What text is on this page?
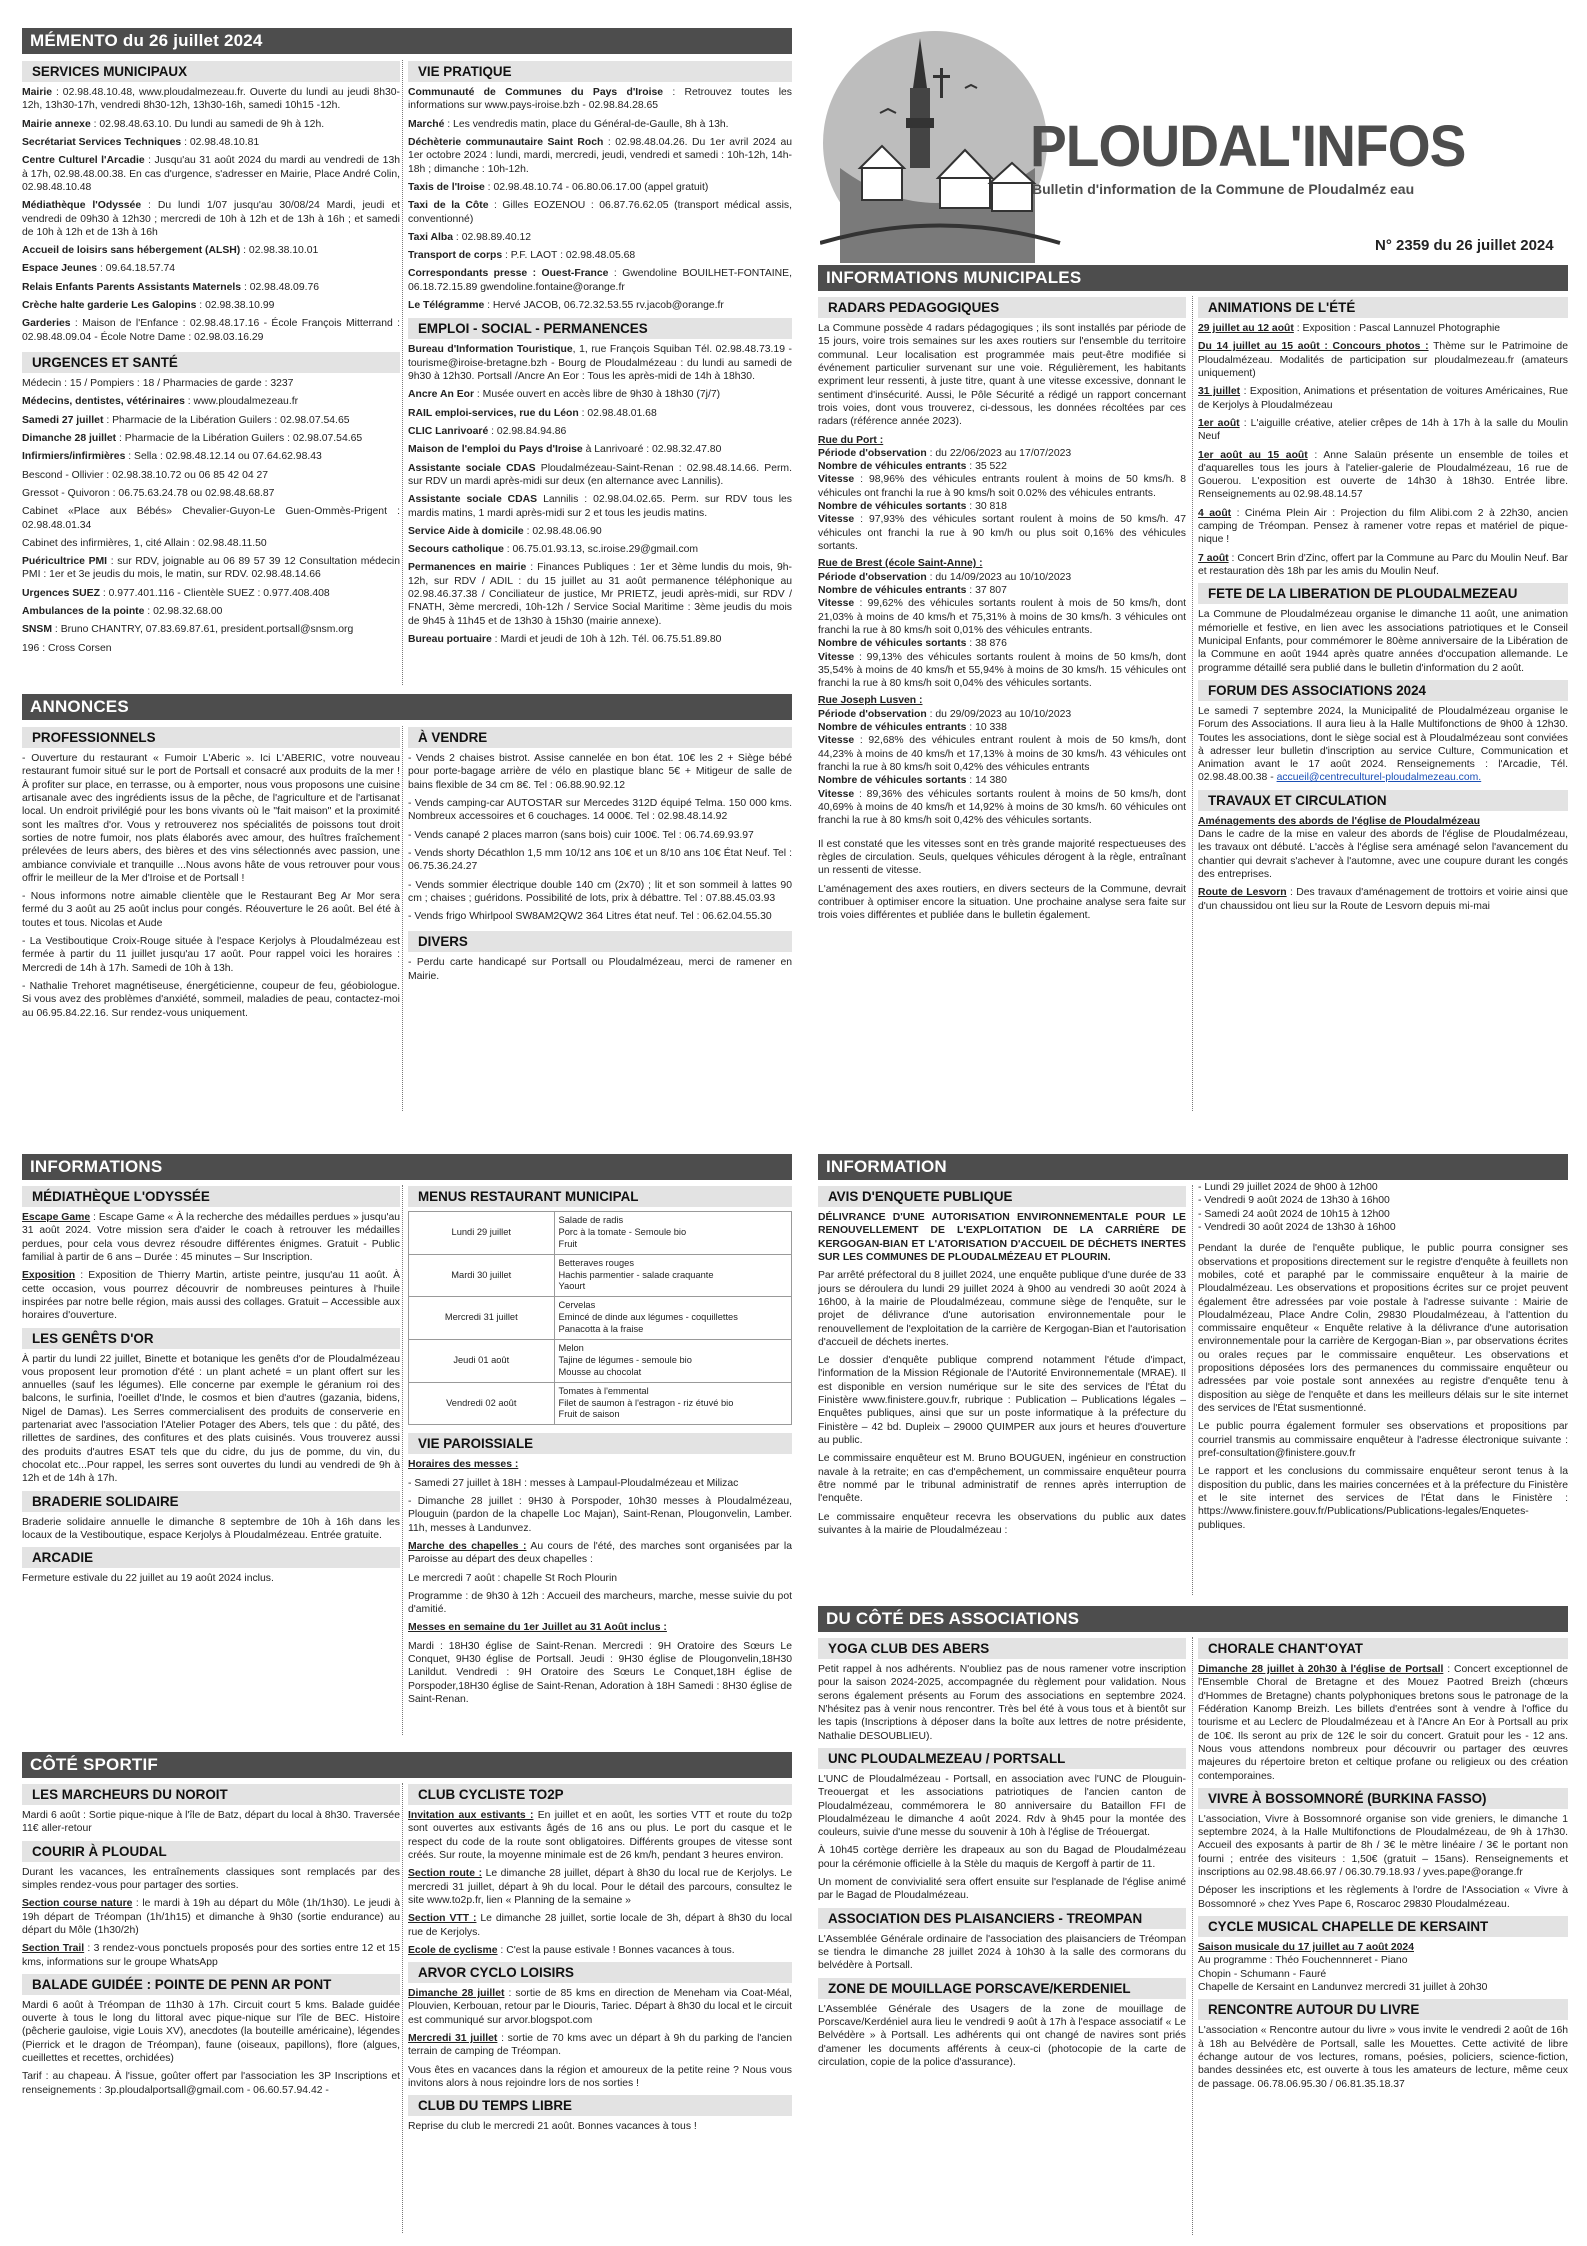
MÉMENTO du 26 juillet 2024
SERVICES MUNICIPAUX
Mairie : 02.98.48.10.48, www.ploudalmezeau.fr. Ouverte du lundi au jeudi 8h30-12h, 13h30-17h, vendredi 8h30-12h, 13h30-16h, samedi 10h15 -12h.
Mairie annexe : 02.98.48.63.10. Du lundi au samedi de 9h à 12h.
Secrétariat Services Techniques : 02.98.48.10.81
Centre Culturel l'Arcadie : Jusqu'au 31 août 2024 du mardi au vendredi de 13h à 17h, 02.98.48.00.38. En cas d'urgence, s'adresser en Mairie, Place André Colin, 02.98.48.10.48
Médiathèque l'Odyssée : Du lundi 1/07 jusqu'au 30/08/24 Mardi, jeudi et vendredi de 09h30 à 12h30 ; mercredi de 10h à 12h et de 13h à 16h ; et samedi de 10h à 12h et de 13h à 16h
Accueil de loisirs sans hébergement (ALSH) : 02.98.38.10.01
Espace Jeunes : 09.64.18.57.74
Relais Enfants Parents Assistants Maternels : 02.98.48.09.76
Crèche halte garderie Les Galopins : 02.98.38.10.99
Garderies : Maison de l'Enfance : 02.98.48.17.16 - École François Mitterrand : 02.98.48.09.04 - École Notre Dame : 02.98.03.16.29
URGENCES ET SANTÉ
Médecin : 15 / Pompiers : 18 / Pharmacies de garde : 3237
Médecins, dentistes, vétérinaires : www.ploudalmezeau.fr
Samedi 27 juillet : Pharmacie de la Libération Guilers : 02.98.07.54.65
Dimanche 28 juillet : Pharmacie de la Libération Guilers : 02.98.07.54.65
Infirmiers/infirmières : Sella : 02.98.48.12.14 ou 07.64.62.98.43
Bescond - Ollivier : 02.98.38.10.72 ou 06 85 42 04 27
Gressot - Quivoron : 06.75.63.24.78 ou 02.98.48.68.87
Cabinet «Place aux Bébés» Chevalier-Guyon-Le Guen-Ommès-Prigent : 02.98.48.01.34
Cabinet des infirmières, 1, cité Allain : 02.98.48.11.50
Puéricultrice PMI : sur RDV, joignable au 06 89 57 39 12 Consultation médecin PMI : 1er et 3e jeudis du mois, le matin, sur RDV. 02.98.48.14.66
Urgences SUEZ : 0.977.401.116 - Clientèle SUEZ : 0.977.408.408
Ambulances de la pointe : 02.98.32.68.00
SNSM : Bruno CHANTRY, 07.83.69.87.61, president.portsall@snsm.org
196 : Cross Corsen
VIE PRATIQUE
Communauté de Communes du Pays d'Iroise : Retrouvez toutes les informations sur www.pays-iroise.bzh - 02.98.84.28.65
Marché : Les vendredis matin, place du Général-de-Gaulle, 8h à 13h.
Déchèterie communautaire Saint Roch : 02.98.48.04.26. Du 1er avril 2024 au 1er octobre 2024 : lundi, mardi, mercredi, jeudi, vendredi et samedi : 10h-12h, 14h-18h ; dimanche : 10h-12h.
Taxis de l'Iroise : 02.98.48.10.74 - 06.80.06.17.00 (appel gratuit)
Taxi de la Côte : Gilles EOZENOU : 06.87.76.62.05 (transport médical assis, conventionné)
Taxi Alba : 02.98.89.40.12
Transport de corps : P.F. LAOT : 02.98.48.05.68
Correspondants presse : Ouest-France : Gwendoline BOUILHET-FONTAINE, 06.18.72.15.89 gwendoline.fontaine@orange.fr
Le Télégramme : Hervé JACOB, 06.72.32.53.55 rv.jacob@orange.fr
EMPLOI - SOCIAL - PERMANENCES
Bureau d'Information Touristique, 1, rue François Squiban Tél. 02.98.48.73.19 - tourisme@iroise-bretagne.bzh - Bourg de Ploudalmézeau : du lundi au samedi de 9h30 à 12h30. Portsall /Ancre An Eor : Tous les après-midi de 14h à 18h30.
Ancre An Eor : Musée ouvert en accès libre de 9h30 à 18h30 (7j/7)
RAIL emploi-services, rue du Léon : 02.98.48.01.68
CLIC Lanrivoaré : 02.98.84.94.86
Maison de l'emploi du Pays d'Iroise à Lanrivoaré : 02.98.32.47.80
Assistante sociale CDAS Ploudalmézeau-Saint-Renan : 02.98.48.14.66. Perm. sur RDV un mardi après-midi sur deux (en alternance avec Lannilis).
Assistante sociale CDAS Lannilis : 02.98.04.02.65. Perm. sur RDV tous les mardis matins, 1 mardi après-midi sur 2 et tous les jeudis matins.
Service Aide à domicile : 02.98.48.06.90
Secours catholique : 06.75.01.93.13, sc.iroise.29@gmail.com
Permanences en mairie : Finances Publiques : 1er et 3ème lundis du mois, 9h-12h, sur RDV / ADIL : du 15 juillet au 31 août permanence téléphonique au 02.98.46.37.38 / Conciliateur de justice, Mr PRIETZ, jeudi après-midi, sur RDV / FNATH, 3ème mercredi, 10h-12h / Service Social Maritime : 3ème jeudis du mois de 9h45 à 11h45 et de 13h30 à 15h30 (mairie annexe).
Bureau portuaire : Mardi et jeudi de 10h à 12h. Tél. 06.75.51.89.80
ANNONCES
PROFESSIONNELS
- Ouverture du restaurant « Fumoir L'Aberic ». Ici L'ABERIC, votre nouveau restaurant fumoir situé sur le port de Portsall et consacré aux produits de la mer ! À profiter sur place, en terrasse, ou à emporter, nous vous proposons une cuisine artisanale avec des ingrédients issus de la pêche, de l'agriculture et de l'artisanat local. Un endroit privilégié pour les bons vivants où le "fait maison" et la proximité sont les maîtres d'or. Vous y retrouverez nos spécialités de poissons tout droit sorties de notre fumoir, nos plats élaborés avec amour, des huîtres fraîchement prélevées de leurs abers, des bières et des vins sélectionnés avec passion, une ambiance conviviale et tranquille ...Nous avons hâte de vous retrouver pour vous offrir le meilleur de la Mer d'Iroise et de Portsall !
- Nous informons notre aimable clientèle que le Restaurant Beg Ar Mor sera fermé du 3 août au 25 août inclus pour congés. Réouverture le 26 août. Bel été à toutes et tous. Nicolas et Aude
- La Vestiboutique Croix-Rouge située à l'espace Kerjolys à Ploudalmézeau est fermée à partir du 11 juillet jusqu'au 17 août. Pour rappel voici les horaires : Mercredi de 14h à 17h. Samedi de 10h à 13h.
- Nathalie Trehoret magnétiseuse, énergéticienne, coupeur de feu, géobiologue. Si vous avez des problèmes d'anxiété, sommeil, maladies de peau, contactez-moi au 06.95.84.22.16. Sur rendez-vous uniquement.
À VENDRE
- Vends 2 chaises bistrot. Assise cannelée en bon état. 10€ les 2 + Siège bébé pour porte-bagage arrière de vélo en plastique blanc 5€ + Mitigeur de salle de bains flexible de 34 cm 8€. Tel : 06.88.90.92.12
- Vends camping-car AUTOSTAR sur Mercedes 312D équipé Telma. 150 000 kms. Nombreux accessoires et 6 couchages. 14 000€. Tel : 02.98.48.14.92
- Vends canapé 2 places marron (sans bois) cuir 100€. Tel : 06.74.69.93.97
- Vends shorty Décathlon 1,5 mm 10/12 ans 10€ et un 8/10 ans 10€ État Neuf. Tel : 06.75.36.24.27
- Vends sommier électrique double 140 cm (2x70) ; lit et son sommeil à lattes 90 cm ; chaises ; guéridons. Possibilité de lots, prix à débattre. Tel : 07.88.45.03.93
- Vends frigo Whirlpool SW8AM2QW2 364 Litres état neuf. Tel : 06.62.04.55.30
DIVERS
- Perdu carte handicapé sur Portsall ou Ploudalmézeau, merci de ramener en Mairie.
PLOUDAL'INFOS
Bulletin d'information de la Commune de Ploudalméz eau
N° 2359 du 26 juillet 2024
INFORMATIONS MUNICIPALES
RADARS PEDAGOGIQUES
La Commune possède 4 radars pédagogiques ; ils sont installés par période de 15 jours, voire trois semaines sur les axes routiers sur l'ensemble du territoire communal. Leur localisation est programmée mais peut-être modifiée si événement particulier survenant sur une voie. Régulièrement, les habitants expriment leur ressenti, à juste titre, quant à une vitesse excessive, donnant le sentiment d'insécurité. Aussi, le Pôle Sécurité a rédigé un rapport concernant trois voies, dont vous trouverez, ci-dessous, les données récoltées par ces radars (référence année 2023).
Rue du Port :
Période d'observation : du 22/06/2023 au 17/07/2023
Nombre de véhicules entrants : 35 522
Vitesse : 98,96% des véhicules entrants roulent à moins de 50 kms/h. 8 véhicules ont franchi la rue à 90 kms/h soit 0.02% des véhicules entrants.
Nombre de véhicules sortants : 30 818
Vitesse : 97,93% des véhicules sortant roulent à moins de 50 kms/h. 47 véhicules ont franchi la rue à 90 km/h ou plus soit 0,16% des véhicules sortants.
Rue de Brest (école Saint-Anne) :
Période d'observation : du 14/09/2023 au 10/10/2023
Nombre de véhicules entrants : 37 807
Vitesse : 99,62% des véhicules sortants roulent à mois de 50 kms/h, dont 21,03% à moins de 40 kms/h et 75,31% à moins de 30 kms/h. 3 véhicules ont franchi la rue à 80 kms/h soit 0,01% des véhicules entrants.
Nombre de véhicules sortants : 38 876
Vitesse : 99,13% des véhicules sortants roulent à moins de 50 kms/h, dont 35,54% à moins de 40 kms/h et 55,94% à moins de 30 kms/h. 15 véhicules ont franchi la rue à 80 kms/h soit 0,04% des véhicules sortants.
Rue Joseph Lusven :
Période d'observation : du 29/09/2023 au 10/10/2023
Nombre de véhicules entrants : 10 338
Vitesse : 92,68% des véhicules entrant roulent à mois de 50 kms/h, dont 44,23% à moins de 40 kms/h et 17,13% à moins de 30 kms/h. 43 véhicules ont franchi la rue à 80 kms/h soit 0,42% des véhicules entrants
Nombre de véhicules sortants : 14 380
Vitesse : 89,36% des véhicules sortants roulent à moins de 50 kms/h, dont 40,69% à moins de 40 kms/h et 14,92% à moins de 30 kms/h. 60 véhicules ont franchi la rue à 80 kms/h soit 0,42% des véhicules sortants.
Il est constaté que les vitesses sont en très grande majorité respectueuses des règles de circulation. Seuls, quelques véhicules dérogent à la règle, entraînant un ressenti de vitesse.
L'aménagement des axes routiers, en divers secteurs de la Commune, devrait contribuer à optimiser encore la situation. Une prochaine analyse sera faite sur trois voies différentes et publiée dans le bulletin également.
ANIMATIONS DE L'ÉTÉ
29 juillet au 12 août : Exposition : Pascal Lannuzel Photographie
Du 14 juillet au 15 août : Concours photos : Thème sur le Patrimoine de Ploudalmézeau. Modalités de participation sur ploudalmezeau.fr (amateurs uniquement)
31 juillet : Exposition, Animations et présentation de voitures Américaines, Rue de Kerjolys à Ploudalmézeau
1er août : L'aiguille créative, atelier crêpes de 14h à 17h à la salle du Moulin Neuf
1er août au 15 août : Anne Salaün présente un ensemble de toiles et d'aquarelles tous les jours à l'atelier-galerie de Ploudalmézeau, 16 rue de Gouerou. L'exposition est ouverte de 14h30 à 18h30. Entrée libre. Renseignements au 02.98.48.14.57
4 août : Cinéma Plein Air : Projection du film Alibi.com 2 à 22h30, ancien camping de Tréompan. Pensez à ramener votre repas et matériel de pique-nique !
7 août : Concert Brin d'Zinc, offert par la Commune au Parc du Moulin Neuf. Bar et restauration dès 18h par les amis du Moulin Neuf.
FETE DE LA LIBERATION DE PLOUDALMEZEAU
La Commune de Ploudalmézeau organise le dimanche 11 août, une animation mémorielle et festive, en lien avec les associations patriotiques et le Conseil Municipal Enfants, pour commémorer le 80ème anniversaire de la Libération de la Commune en août 1944 après quatre années d'occupation allemande. Le programme détaillé sera publié dans le bulletin d'information du 2 août.
FORUM DES ASSOCIATIONS 2024
Le samedi 7 septembre 2024, la Municipalité de Ploudalmézeau organise le Forum des Associations. Il aura lieu à la Halle Multifonctions de 9h00 à 12h30. Toutes les associations, dont le siège social est à Ploudalmézeau sont conviées à adresser leur bulletin d'inscription au service Culture, Communication et Animation avant le 17 août 2024. Renseignements : l'Arcadie, Tél. 02.98.48.00.38 - accueil@centreculturel-ploudalmezeau.com.
TRAVAUX ET CIRCULATION
Aménagements des abords de l'église de Ploudalmézeau
Dans le cadre de la mise en valeur des abords de l'église de Ploudalmézeau, les travaux ont débuté. L'accès à l'église sera aménagé selon l'avancement du chantier qui devrait s'achever à l'automne, avec une coupure durant les congés des entreprises.
Route de Lesvorn : Des travaux d'aménagement de trottoirs et voirie ainsi que d'un chaussidou ont lieu sur la Route de Lesvorn depuis mi-mai
INFORMATIONS
MÉDIATHÈQUE L'ODYSSÉE
Escape Game : Escape Game « À la recherche des médailles perdues » jusqu'au 31 août 2024. Votre mission sera d'aider le coach à retrouver les médailles perdues, pour cela vous devrez résoudre différentes énigmes. Gratuit - Public familial à partir de 6 ans – Durée : 45 minutes – Sur Inscription.
Exposition : Exposition de Thierry Martin, artiste peintre, jusqu'au 11 août. À cette occasion, vous pourrez découvrir de nombreuses peintures à l'huile inspirées par notre belle région, mais aussi des collages. Gratuit – Accessible aux horaires d'ouverture.
LES GENÊTS D'OR
À partir du lundi 22 juillet, Binette et botanique les genêts d'or de Ploudalmézeau vous proposent leur promotion d'été : un plant acheté = un plant offert sur les annuelles (sauf les légumes). Elle concerne par exemple le géranium roi des balcons, le surfinia, l'oeillet d'Inde, le cosmos et bien d'autres (gazania, bidens, Nigel de Damas). Les Serres commercialisent des produits de conserverie en partenariat avec l'association l'Atelier Potager des Abers, tels que : du pâté, des rillettes de sardines, des confitures et des plats cuisinés. Vous trouverez aussi des produits d'autres ESAT tels que du cidre, du jus de pomme, du vin, du chocolat etc...Pour rappel, les serres sont ouvertes du lundi au vendredi de 9h à 12h et de 14h à 17h.
BRADERIE SOLIDAIRE
Braderie solidaire annuelle le dimanche 8 septembre de 10h à 16h dans les locaux de la Vestiboutique, espace Kerjolys à Ploudalmézeau. Entrée gratuite.
ARCADIE
Fermeture estivale du 22 juillet au 19 août 2024 inclus.
MENUS RESTAURANT MUNICIPAL
Lundi 29 juillet	Salade de radis
Porc à la tomate - Semoule bio
Fruit

Mardi 30 juillet	Betteraves rouges
Hachis parmentier - salade craquante
Yaourt

Mercredi 31 juillet	Cervelas
Emincé de dinde aux légumes - coquillettes
Panacotta à la fraise

Jeudi 01 août	Melon
Tajine de légumes - semoule bio
Mousse au chocolat

Vendredi 02 août	Tomates à l'emmental
Filet de saumon à l'estragon - riz étuvé bio
Fruit de saison
VIE PAROISSIALE
Horaires des messes :
- Samedi 27 juillet à 18H : messes à Lampaul-Ploudalmézeau et Milizac
- Dimanche 28 juillet : 9H30 à Porspoder, 10h30 messes à Ploudalmézeau, Plouguin (pardon de la chapelle Loc Majan), Saint-Renan, Plougonvelin, Lamber. 11h, messes à Landunvez.
Marche des chapelles : Au cours de l'été, des marches sont organisées par la Paroisse au départ des deux chapelles :
Le mercredi 7 août : chapelle St Roch Plourin
Programme : de 9h30 à 12h : Accueil des marcheurs, marche, messe suivie du pot d'amitié.
Messes en semaine du 1er Juillet au 31 Août inclus :
Mardi : 18H30 église de Saint-Renan. Mercredi : 9H Oratoire des Sœurs Le Conquet, 9H30 église de Portsall. Jeudi : 9H30 église de Plougonvelin,18H30 Lanildut. Vendredi : 9H Oratoire des Sœurs Le Conquet,18H église de Porspoder,18H30 église de Saint-Renan, Adoration à 18H Samedi : 8H30 église de Saint-Renan.
CÔTÉ SPORTIF
LES MARCHEURS DU NOROIT
Mardi 6 août : Sortie pique-nique à l'île de Batz, départ du local à 8h30. Traversée 11€ aller-retour
COURIR À PLOUDAL
Durant les vacances, les entraînements classiques sont remplacés par des simples rendez-vous pour partager des sorties.
Section course nature : le mardi à 19h au départ du Môle (1h/1h30). Le jeudi à 19h départ de Tréompan (1h/1h15) et dimanche à 9h30 (sortie endurance) au départ du Môle (1h30/2h)
Section Trail : 3 rendez-vous ponctuels proposés pour des sorties entre 12 et 15 kms, informations sur le groupe WhatsApp
BALADE GUIDÉE : POINTE DE PENN AR PONT
Mardi 6 août à Tréompan de 11h30 à 17h. Circuit court 5 kms. Balade guidée ouverte à tous le long du littoral avec pique-nique sur l'île de BEC. Histoire (pêcherie gauloise, vigie Louis XV), anecdotes (la bouteille américaine), légendes (Pierrick et le dragon de Tréompan), faune (oiseaux, papillons), flore (algues, cueillettes et recettes, orchidées)
Tarif : au chapeau. À l'issue, goûter offert par l'association les 3P Inscriptions et renseignements : 3p.ploudalportsall@gmail.com - 06.60.57.94.42 -
CLUB CYCLISTE TO2P
Invitation aux estivants : En juillet et en août, les sorties VTT et route du to2p sont ouvertes aux estivants âgés de 16 ans ou plus. Le port du casque et le respect du code de la route sont obligatoires. Différents groupes de vitesse sont créés. Sur route, la moyenne minimale est de 26 km/h, pendant 3 heures environ.
Section route : Le dimanche 28 juillet, départ à 8h30 du local rue de Kerjolys. Le mercredi 31 juillet, départ à 9h du local. Pour le détail des parcours, consultez le site www.to2p.fr, lien « Planning de la semaine »
Section VTT : Le dimanche 28 juillet, sortie locale de 3h, départ à 8h30 du local rue de Kerjolys.
Ecole de cyclisme : C'est la pause estivale ! Bonnes vacances à tous.
ARVOR CYCLO LOISIRS
Dimanche 28 juillet : sortie de 85 kms en direction de Meneham via Coat-Méal, Plouvien, Kerbouan, retour par le Diouris, Tariec. Départ à 8h30 du local et le circuit est communiqué sur arvor.blogspot.com
Mercredi 31 juillet : sortie de 70 kms avec un départ à 9h du parking de l'ancien terrain de camping de Tréompan.
Vous êtes en vacances dans la région et amoureux de la petite reine ? Nous vous invitons alors à nous rejoindre lors de nos sorties !
CLUB DU TEMPS LIBRE
Reprise du club le mercredi 21 août. Bonnes vacances à tous !
INFORMATION
AVIS D'ENQUETE PUBLIQUE
DÉLIVRANCE D'UNE AUTORISATION ENVIRONNEMENTALE POUR LE RENOUVELLEMENT DE L'EXPLOITATION DE LA CARRIÈRE DE KERGOGAN-BIAN ET L'ATORISATION D'ACCUEIL DE DÉCHETS INERTES SUR LES COMMUNES DE PLOUDALMÉZEAU ET PLOURIN.
Par arrêté préfectoral du 8 juillet 2024, une enquête publique d'une durée de 33 jours se déroulera du lundi 29 juillet 2024 à 9h00 au vendredi 30 août 2024 à 16h00, à la mairie de Ploudalmézeau, commune siège de l'enquête, sur le projet de délivrance d'une autorisation environnementale pour le renouvellement de l'exploitation de la carrière de Kergogan-Bian et l'autorisation d'accueil de déchets inertes.
Le dossier d'enquête publique comprend notamment l'étude d'impact, l'information de la Mission Régionale de l'Autorité Environnementale (MRAE). Il est disponible en version numérique sur le site des services de l'État du Finistère www.finistere.gouv.fr, rubrique : Publication – Publications légales – Enquêtes publiques, ainsi que sur un poste informatique à la préfecture du Finistère – 42 bd. Dupleix – 29000 QUIMPER aux jours et heures d'ouverture au public.
Le commissaire enquêteur est M. Bruno BOUGUEN, ingénieur en construction navale à la retraite; en cas d'empêchement, un commissaire enquêteur pourra être nommé par le tribunal administratif de rennes après interruption de l'enquête.
Le commissaire enquêteur recevra les observations du public aux dates suivantes à la mairie de Ploudalmézeau :
- Lundi 29 juillet 2024 de 9h00 à 12h00
- Vendredi 9 août 2024 de 13h30 à 16h00
- Samedi 24 août 2024 de 10h15 à 12h00
- Vendredi 30 août 2024 de 13h30 à 16h00
Pendant la durée de l'enquête publique, le public pourra consigner ses observations et propositions directement sur le registre d'enquête à feuillets non mobiles, coté et paraphé par le commissaire enquêteur à la mairie de Ploudalmézeau. Les observations et propositions écrites sur ce projet peuvent également être adressées par voie postale à l'adresse suivante : Mairie de Ploudalmézeau, Place Andre Colin, 29830 Ploudalmézeau, à l'attention du commissaire enquêteur « Enquête relative à la délivrance d'une autorisation environnementale pour la carrière de Kergogan-Bian », par observations écrites ou orales reçues par le commissaire enquêteur. Les observations et propositions déposées lors des permanences du commissaire enquêteur ou adressées par voie postale sont annexées au registre d'enquête tenu à disposition au siège de l'enquête et dans les meilleurs délais sur le site internet des services de l'État susmentionné.
Le public pourra également formuler ses observations et propositions par courriel transmis au commissaire enquêteur à l'adresse électronique suivante : pref-consultation@finistere.gouv.fr
Le rapport et les conclusions du commissaire enquêteur seront tenus à la disposition du public, dans les mairies concernées et à la préfecture du Finistère et le site internet des services de l'État dans le Finistère : https://www.finistere.gouv.fr/Publications/Publications-legales/Enquetes-publiques.
DU CÔTÉ DES ASSOCIATIONS
YOGA CLUB DES ABERS
Petit rappel à nos adhérents. N'oubliez pas de nous ramener votre inscription pour la saison 2024-2025, accompagnée du règlement pour validation. Nous serons également présents au Forum des associations en septembre 2024. N'hésitez pas à venir nous rencontrer. Très bel été à vous tous et à bientôt sur les tapis (Inscriptions à déposer dans la boîte aux lettres de notre présidente, Nathalie DESOUBLIEU).
UNC PLOUDALMEZEAU / PORTSALL
L'UNC de Ploudalmézeau - Portsall, en association avec l'UNC de Plouguin- Treouergat et les associations patriotiques de l'ancien canton de Ploudalmézeau, commémorera le 80 anniversaire du Bataillon FFI de Ploudalmézeau le dimanche 4 août 2024. Rdv à 9h45 pour la montée des couleurs, suivie d'une messe du souvenir à 10h à l'église de Tréouergat.
À 10h45 cortège derrière les drapeaux au son du Bagad de Ploudalmézeau pour la cérémonie officielle à la Stèle du maquis de Kergoff à partir de 11.
Un moment de convivialité sera offert ensuite sur l'esplanade de l'église animé par le Bagad de Ploudalmézeau.
ASSOCIATION DES PLAISANCIERS - TREOMPAN
L'Assemblée Générale ordinaire de l'association des plaisanciers de Tréompan se tiendra le dimanche 28 juillet 2024 à 10h30 à la salle des cormorans du belvédère à Portsall.
ZONE DE MOUILLAGE PORSCAVE/KERDENIEL
L'Assemblée Générale des Usagers de la zone de mouillage de Porscave/Kerdéniel aura lieu le vendredi 9 août à 17h à l'espace associatif « Le Belvédère » à Portsall. Les adhérents qui ont changé de navires sont priés d'amener les documents afférents à ceux-ci (photocopie de la carte de circulation, copie de la police d'assurance).
CHORALE CHANT'OYAT
Dimanche 28 juillet à 20h30 à l'église de Portsall : Concert exceptionnel de l'Ensemble Choral de Bretagne et des Mouez Paotred Breizh (chœurs d'Hommes de Bretagne) chants polyphoniques bretons sous le patronage de la Fédération Kanomp Breizh. Les billets d'entrées sont à vendre à l'office du tourisme et au Leclerc de Ploudalmézeau et à l'Ancre An Eor à Portsall au prix de 10€. Ils seront au prix de 12€ le soir du concert. Gratuit pour les - 12 ans. Nous vous attendons nombreux pour découvrir ou partager des œuvres majeures du répertoire breton et celtique profane ou religieux ou des création contemporaines.
VIVRE À BOSSOMNORÉ (BURKINA FASSO)
L'association, Vivre à Bossomnoré organise son vide greniers, le dimanche 1 septembre 2024, à la Halle Multifonctions de Ploudalmézeau, de 9h à 17h30. Accueil des exposants à partir de 8h / 3€ le mètre linéaire / 3€ le portant non fourni ; entrée des visiteurs : 1,50€ (gratuit – 15ans). Renseignements et inscriptions au 02.98.48.66.97 / 06.30.79.18.93 / yves.pape@orange.fr
Déposer les inscriptions et les règlements à l'ordre de l'Association « Vivre à Bossomnoré » chez Yves Pape 6, Roscaroc 29830 Ploudalmézeau.
CYCLE MUSICAL CHAPELLE DE KERSAINT
Saison musicale du 17 juillet au 7 août 2024
Au programme : Théo Fouchennneret - Piano
Chopin - Schumann - Fauré
Chapelle de Kersaint en Landunvez mercredi 31 juillet à 20h30
RENCONTRE AUTOUR DU LIVRE
L'association « Rencontre autour du livre » vous invite le vendredi 2 août de 16h à 18h au Belvédère de Portsall, salle les Mouettes. Cette activité de libre échange autour de vos lectures, romans, poésies, policiers, science-fiction, bandes dessinées etc, est ouverte à tous les amateurs de lecture, même ceux de passage. 06.78.06.95.30 / 06.81.35.18.37
